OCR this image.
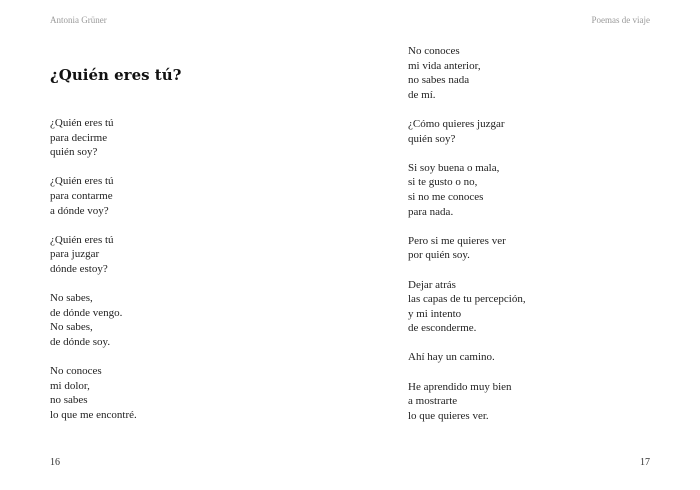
Antonia Grüner	Poemas de viaje
¿Quién eres tú?
¿Quién eres tú
para decirme
quién soy?
¿Quién eres tú
para contarme
a dónde voy?
¿Quién eres tú
para juzgar
dónde estoy?
No sabes,
de dónde vengo.
No sabes,
de dónde soy.
No conoces
mi dolor,
no sabes
lo que me encontré.
No conoces
mi vida anterior,
no sabes nada
de mí.
¿Cómo quieres juzgar
quién soy?
Si soy buena o mala,
si te gusto o no,
si no me conoces
para nada.
Pero si me quieres ver
por quién soy.
Dejar atrás
las capas de tu percepción,
y mi intento
de esconderme.
Ahí hay un camino.
He aprendido muy bien
a mostrarte
lo que quieres ver.
16	17
